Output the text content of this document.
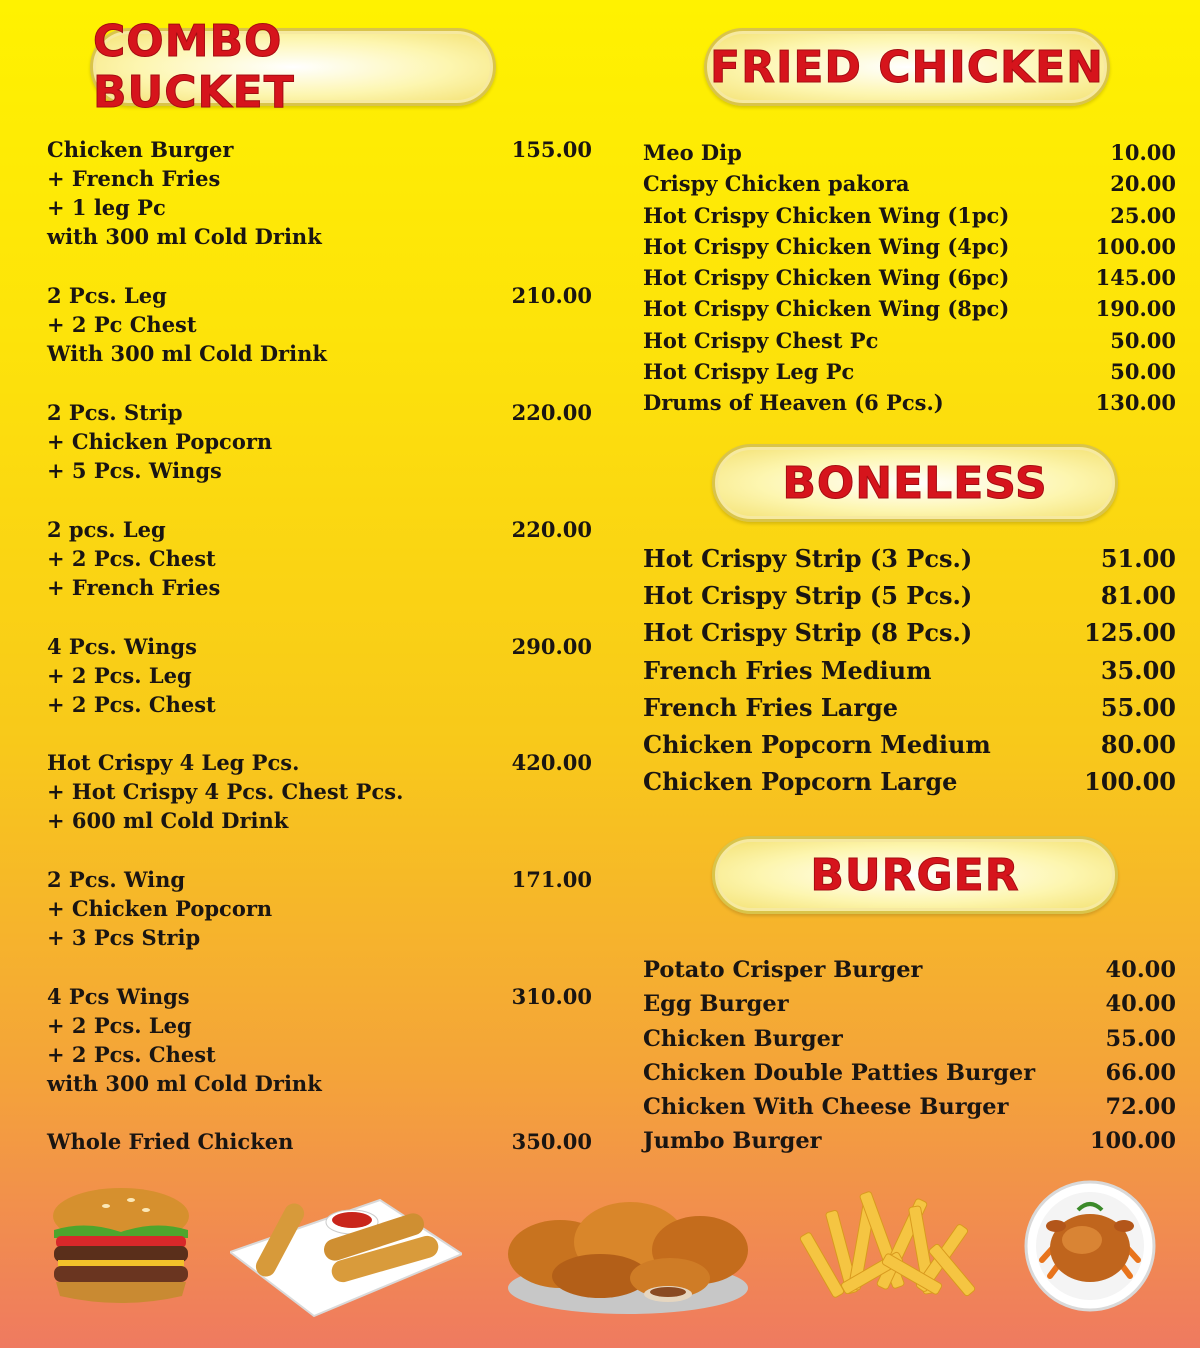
COMBO BUCKET	FRIED CHICKEN
BONELESS
BURGER
Chicken Burger
+ French Fries
+ 1 leg Pc
with 300 ml Cold Drink
155.00
2 Pcs. Leg
+ 2 Pc Chest
With 300 ml Cold Drink
210.00
2 Pcs. Strip
+ Chicken Popcorn
+ 5 Pcs. Wings
220.00
2 pcs. Leg
+ 2 Pcs. Chest
+ French Fries
220.00
4 Pcs. Wings
+ 2 Pcs. Leg
+ 2 Pcs. Chest
290.00
Hot Crispy 4 Leg Pcs.
+ Hot Crispy 4 Pcs. Chest Pcs.
+ 600 ml Cold Drink
420.00
2 Pcs. Wing
+ Chicken Popcorn
+ 3 Pcs Strip
171.00
4 Pcs Wings
+ 2 Pcs. Leg
+ 2 Pcs. Chest
with 300 ml Cold Drink
310.00
Whole Fried Chicken	350.00
Meo Dip	10.00
Crispy Chicken pakora	20.00
Hot Crispy Chicken Wing (1pc)	25.00
Hot Crispy Chicken Wing (4pc)	100.00
Hot Crispy Chicken Wing (6pc)	145.00
Hot Crispy Chicken Wing (8pc)	190.00
Hot Crispy Chest Pc	50.00
Hot Crispy Leg Pc	50.00
Drums of Heaven (6 Pcs.)	130.00
Hot Crispy Strip (3 Pcs.)	51.00
Hot Crispy Strip (5 Pcs.)	81.00
Hot Crispy Strip (8 Pcs.)	125.00
French Fries Medium	35.00
French Fries Large	55.00
Chicken Popcorn Medium	80.00
Chicken Popcorn Large	100.00
Potato Crisper Burger	40.00
Egg Burger	40.00
Chicken Burger	55.00
Chicken Double Patties Burger	66.00
Chicken With Cheese Burger	72.00
Jumbo Burger	100.00
